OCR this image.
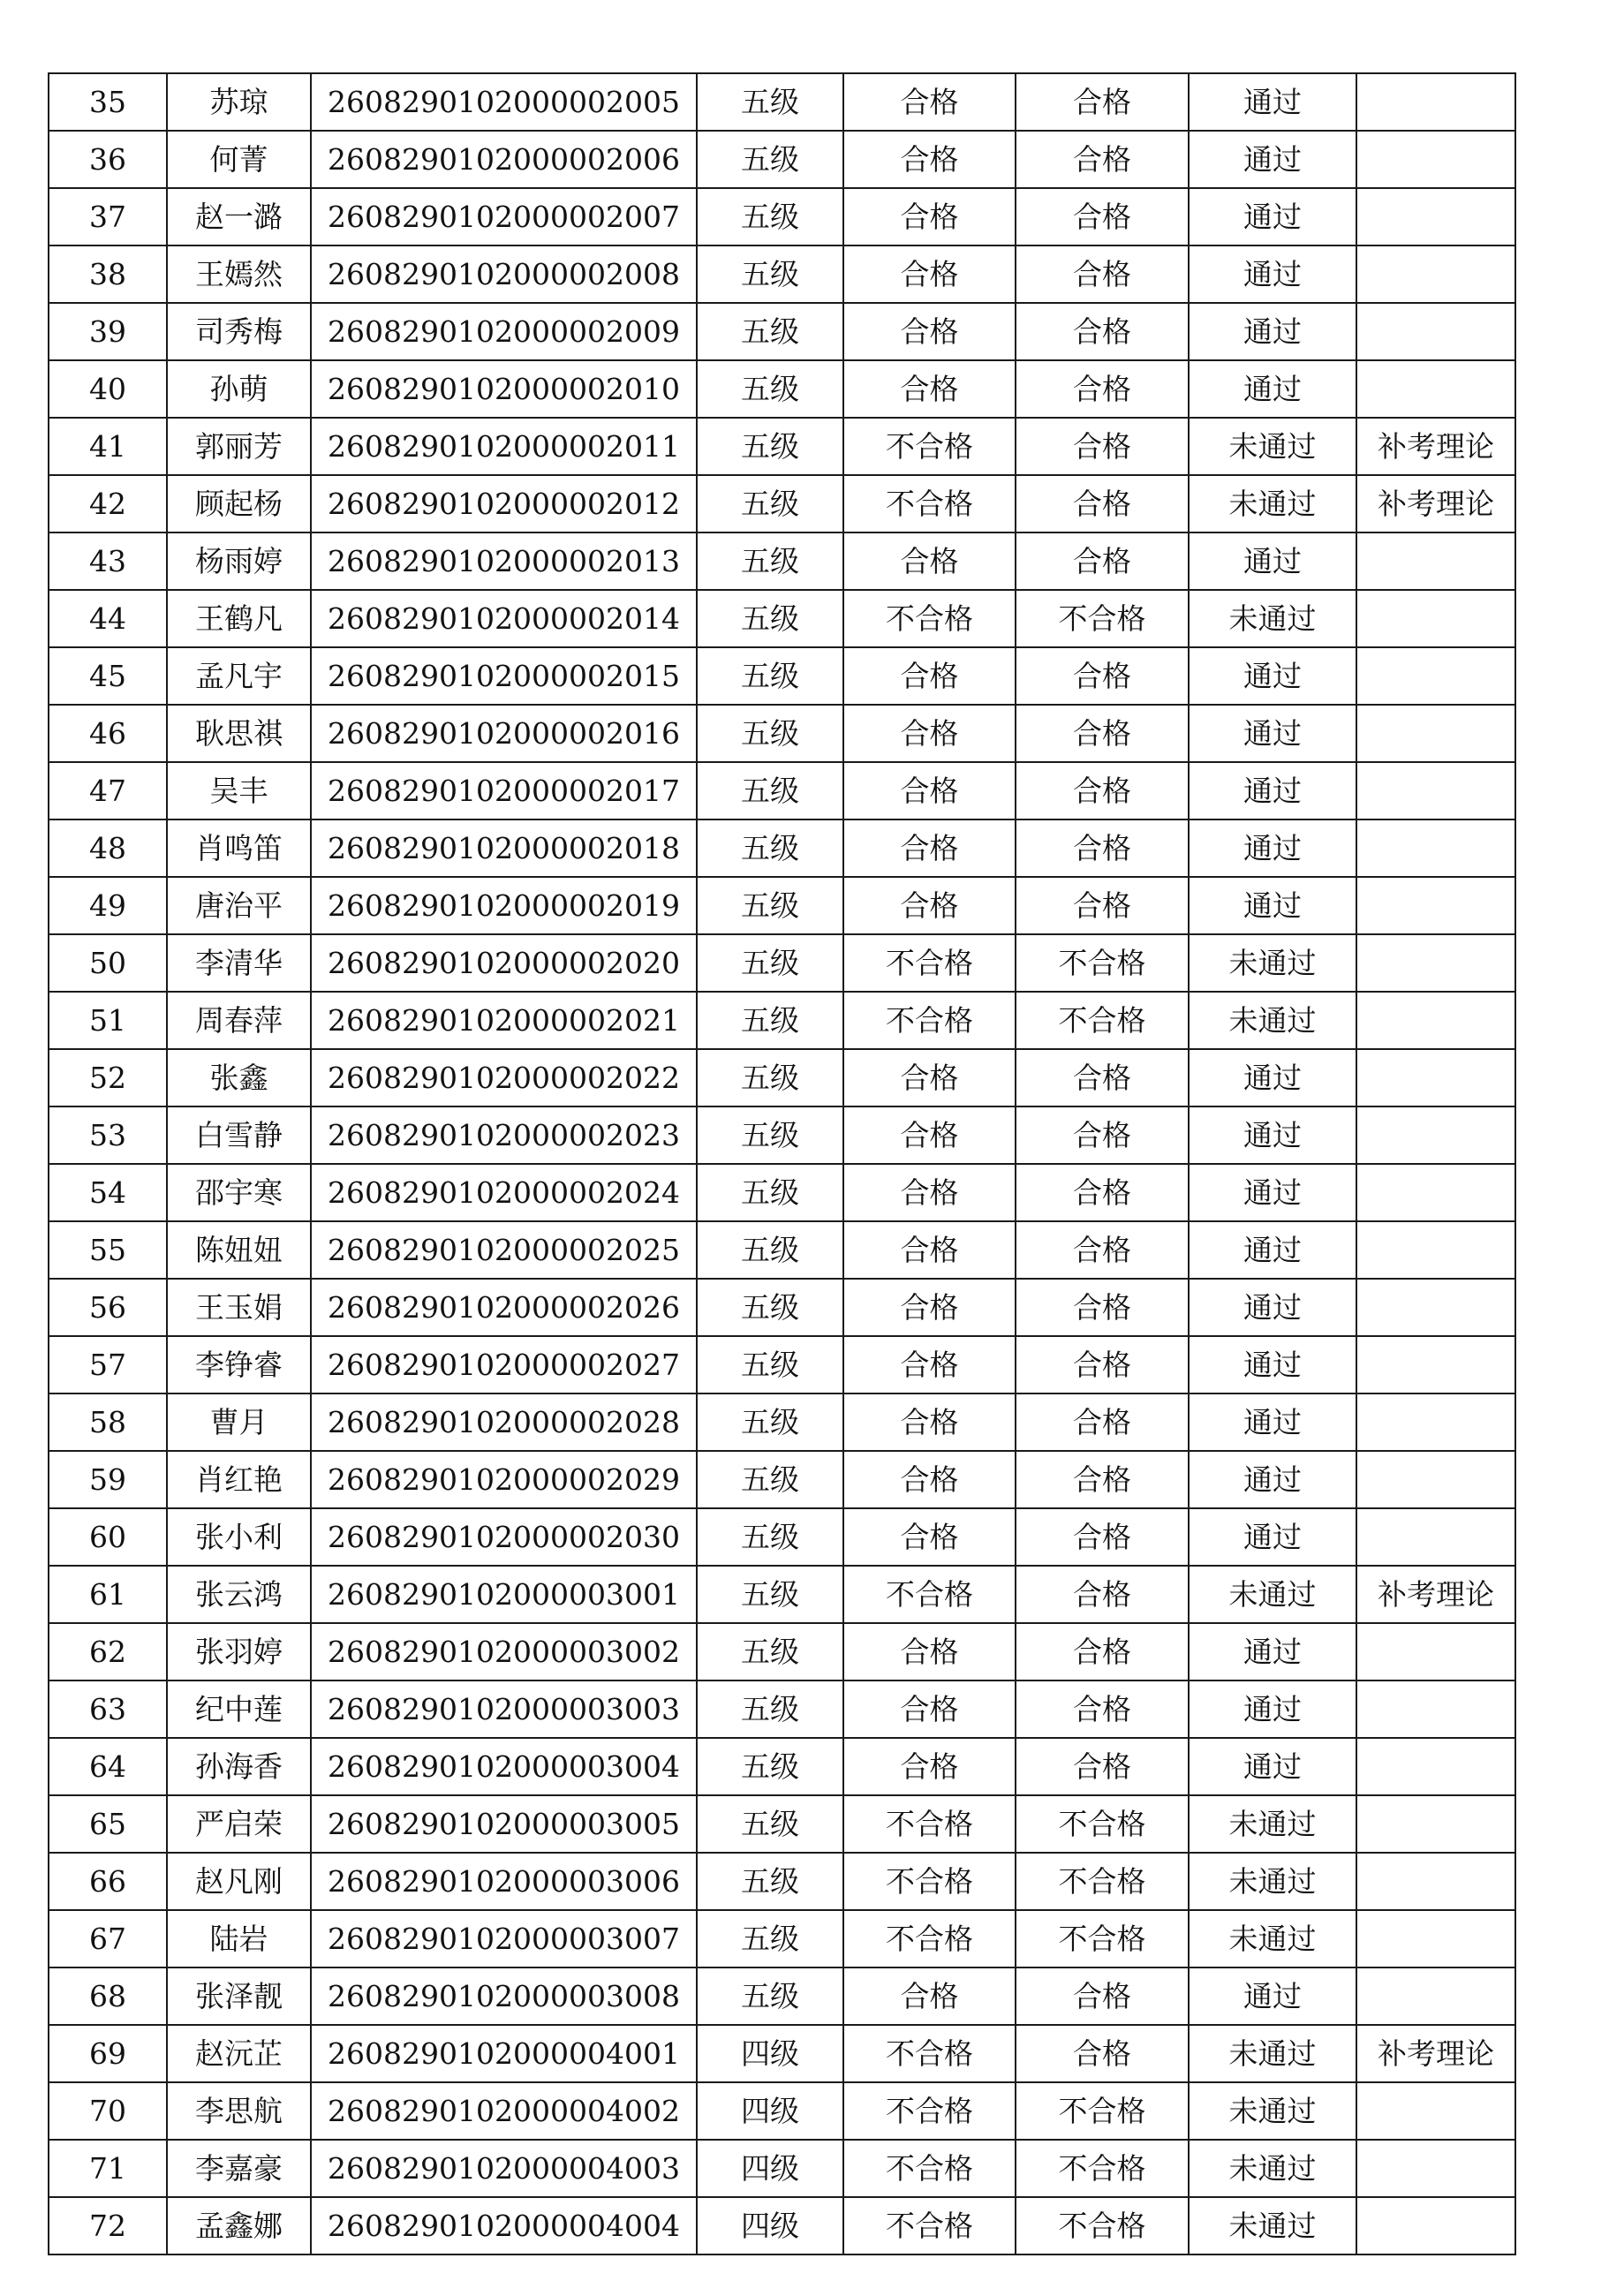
35	苏琼	2608290102000002005	五级	合格	合格	通过	
36	何菁	2608290102000002006	五级	合格	合格	通过	
37	赵一潞	2608290102000002007	五级	合格	合格	通过	
38	王嫣然	2608290102000002008	五级	合格	合格	通过	
39	司秀梅	2608290102000002009	五级	合格	合格	通过	
40	孙萌	2608290102000002010	五级	合格	合格	通过	
41	郭丽芳	2608290102000002011	五级	不合格	合格	未通过	补考理论
42	顾起杨	2608290102000002012	五级	不合格	合格	未通过	补考理论
43	杨雨婷	2608290102000002013	五级	合格	合格	通过	
44	王鹤凡	2608290102000002014	五级	不合格	不合格	未通过	
45	孟凡宇	2608290102000002015	五级	合格	合格	通过	
46	耿思祺	2608290102000002016	五级	合格	合格	通过	
47	吴丰	2608290102000002017	五级	合格	合格	通过	
48	肖鸣笛	2608290102000002018	五级	合格	合格	通过	
49	唐治平	2608290102000002019	五级	合格	合格	通过	
50	李清华	2608290102000002020	五级	不合格	不合格	未通过	
51	周春萍	2608290102000002021	五级	不合格	不合格	未通过	
52	张鑫	2608290102000002022	五级	合格	合格	通过	
53	白雪静	2608290102000002023	五级	合格	合格	通过	
54	邵宇寒	2608290102000002024	五级	合格	合格	通过	
55	陈妞妞	2608290102000002025	五级	合格	合格	通过	
56	王玉娟	2608290102000002026	五级	合格	合格	通过	
57	李铮睿	2608290102000002027	五级	合格	合格	通过	
58	曹月	2608290102000002028	五级	合格	合格	通过	
59	肖红艳	2608290102000002029	五级	合格	合格	通过	
60	张小利	2608290102000002030	五级	合格	合格	通过	
61	张云鸿	2608290102000003001	五级	不合格	合格	未通过	补考理论
62	张羽婷	2608290102000003002	五级	合格	合格	通过	
63	纪中莲	2608290102000003003	五级	合格	合格	通过	
64	孙海香	2608290102000003004	五级	合格	合格	通过	
65	严启荣	2608290102000003005	五级	不合格	不合格	未通过	
66	赵凡刚	2608290102000003006	五级	不合格	不合格	未通过	
67	陆岩	2608290102000003007	五级	不合格	不合格	未通过	
68	张泽靓	2608290102000003008	五级	合格	合格	通过	
69	赵沅芷	2608290102000004001	四级	不合格	合格	未通过	补考理论
70	李思航	2608290102000004002	四级	不合格	不合格	未通过	
71	李嘉豪	2608290102000004003	四级	不合格	不合格	未通过	
72	孟鑫娜	2608290102000004004	四级	不合格	不合格	未通过	
